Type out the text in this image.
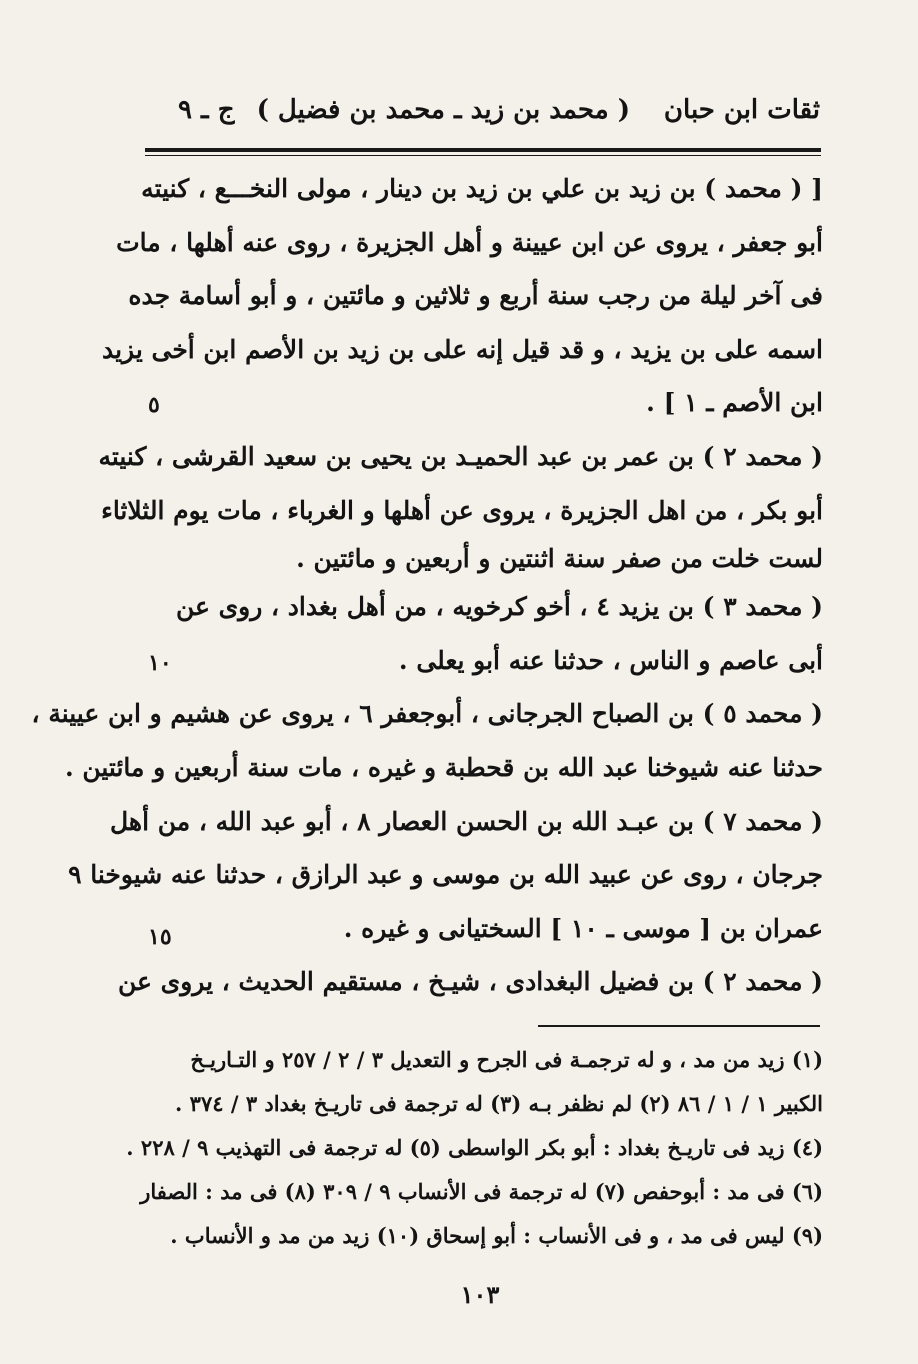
ثقات ابن حبان
( محمد بن زيد ـ محمد بن فضيل )
ج ـ ٩
[ ( محمد ) بن زيد بن علي بن زيد بن دينار ، مولى النخـــع ، كنيته
أبو جعفر ، يروى عن ابن عيينة و أهل الجزيرة ، روى عنه أهلها ، مات
فى آخر ليلة من رجب سنة أربع و ثلاثين و مائتين ، و أبو أسامة جده
اسمه على بن يزيد ، و قد قيل إنه على بن زيد بن الأصم ابن أخى يزيد
ابن الأصم ـ ١ ] .
( محمد ٢ ) بن عمر بن عبد الحميـد بن يحيى بن سعيد القرشى ، كنيته
أبو بكر ، من اهل الجزيرة ، يروى عن أهلها و الغرباء ، مات يوم الثلاثاء
لست خلت من صفر سنة اثنتين و أربعين و مائتين .
( محمد ٣ ) بن يزيد ٤ ، أخو كرخويه ، من أهل بغداد ، روى عن
أبى عاصم و الناس ، حدثنا عنه أبو يعلى .
( محمد ٥ ) بن الصباح الجرجانى ، أبوجعفر ٦ ، يروى عن هشيم و ابن عيينة ،
حدثنا عنه شيوخنا عبد الله بن قحطبة و غيره ، مات سنة أربعين و مائتين .
( محمد ٧ ) بن عبـد الله بن الحسن العصار ٨ ، أبو عبد الله ، من أهل
جرجان ، روى عن عبيد الله بن موسى و عبد الرازق ، حدثنا عنه شيوخنا ٩
عمران بن [ موسى ـ ١٠ ] السختيانى و غيره .
( محمد ٢ ) بن فضيل البغدادى ، شيـخ ، مستقيم الحديث ، يروى عن
٥
١٠
١٥
(١) زيد من مد ، و له ترجمـة فى الجرح و التعديل ٣ / ٢ / ٢٥٧ و التـاريـخ
الكبير ١ / ١ / ٨٦ (٢) لم نظفر بـه (٣) له ترجمة فى تاريـخ بغداد ٣ / ٣٧٤ .
(٤) زيد فى تاريـخ بغداد : أبو بكر الواسطى (٥) له ترجمة فى التهذيب ٩ / ٢٢٨ .
(٦) فى مد : أبوحفص (٧) له ترجمة فى الأنساب ٩ / ٣٠٩ (٨) فى مد : الصفار
(٩) ليس فى مد ، و فى الأنساب : أبو إسحاق (١٠) زيد من مد و الأنساب .
١٠٣
